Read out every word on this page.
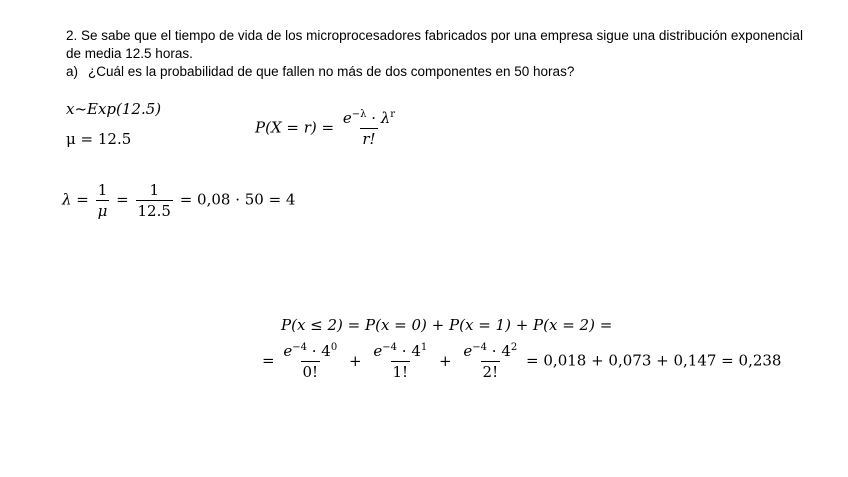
2. Se sabe que el tiempo de vida de los microprocesadores fabricados por una empresa sigue una distribución exponencial de media 12.5 horas.
a) ¿Cuál es la probabilidad de que fallen no más de dos componentes en 50 horas?
x~Exp(12.5)
μ = 12.5
$P(X = r) = \frac{e^{-\lambda} \cdot \lambda^r}{r!}$
$\lambda = \frac{1}{\mu} = \frac{1}{12.5} = 0,08 \cdot 50 = 4$
P(x ≤ 2) = P(x = 0) + P(x = 1) + P(x = 2) =
= $\frac{e^{-4} \cdot 4^0}{0!} + \frac{e^{-4} \cdot 4^1}{1!} + \frac{e^{-4} \cdot 4^2}{2!} = 0,018 + 0,073 + 0,147 = 0,238$
